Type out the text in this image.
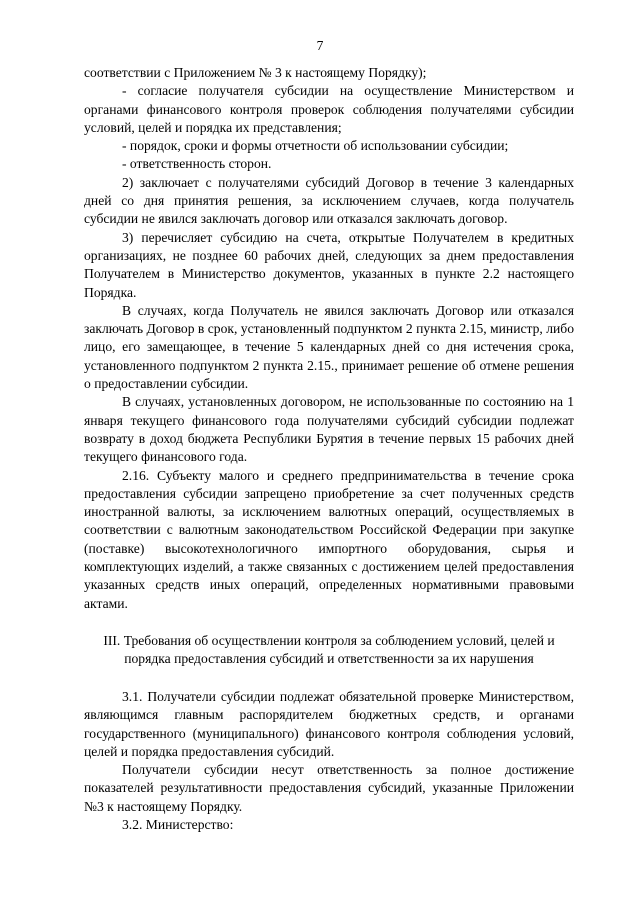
7

соответствии с Приложением № 3 к настоящему Порядку);

- согласие получателя субсидии на осуществление Министерством и органами финансового контроля проверок соблюдения получателями субсидии условий, целей и порядка их представления;

- порядок, сроки и формы отчетности об использовании субсидии;

- ответственность сторон.

2) заключает с получателями субсидий Договор в течение 3 календарных дней со дня принятия решения, за исключением случаев, когда получатель субсидии не явился заключать договор или отказался заключать договор.

3) перечисляет субсидию на счета, открытые Получателем в кредитных организациях, не позднее 60 рабочих дней, следующих за днем предоставления Получателем в Министерство документов, указанных в пункте 2.2 настоящего Порядка.

В случаях, когда Получатель не явился заключать Договор или отказался заключать Договор в срок, установленный подпунктом 2 пункта 2.15, министр, либо лицо, его замещающее, в течение 5 календарных дней со дня истечения срока, установленного подпунктом 2 пункта 2.15., принимает решение об отмене решения о предоставлении субсидии.

В случаях, установленных договором, не использованные по состоянию на 1 января текущего финансового года получателями субсидий субсидии подлежат возврату в доход бюджета Республики Бурятия в течение первых 15 рабочих дней текущего финансового года.

2.16. Субъекту малого и среднего предпринимательства в течение срока предоставления субсидии запрещено приобретение за счет полученных средств иностранной валюты, за исключением валютных операций, осуществляемых в соответствии с валютным законодательством Российской Федерации при закупке (поставке) высокотехнологичного импортного оборудования, сырья и комплектующих изделий, а также связанных с достижением целей предоставления указанных средств иных операций, определенных нормативными правовыми актами.

III. Требования об осуществлении контроля за соблюдением условий, целей и порядка предоставления субсидий и ответственности за их нарушения

3.1. Получатели субсидии подлежат обязательной проверке Министерством, являющимся главным распорядителем бюджетных средств, и органами государственного (муниципального) финансового контроля соблюдения условий, целей и порядка предоставления субсидий.

Получатели субсидии несут ответственность за полное достижение показателей результативности предоставления субсидий, указанные Приложении №3 к настоящему Порядку.

3.2. Министерство:
